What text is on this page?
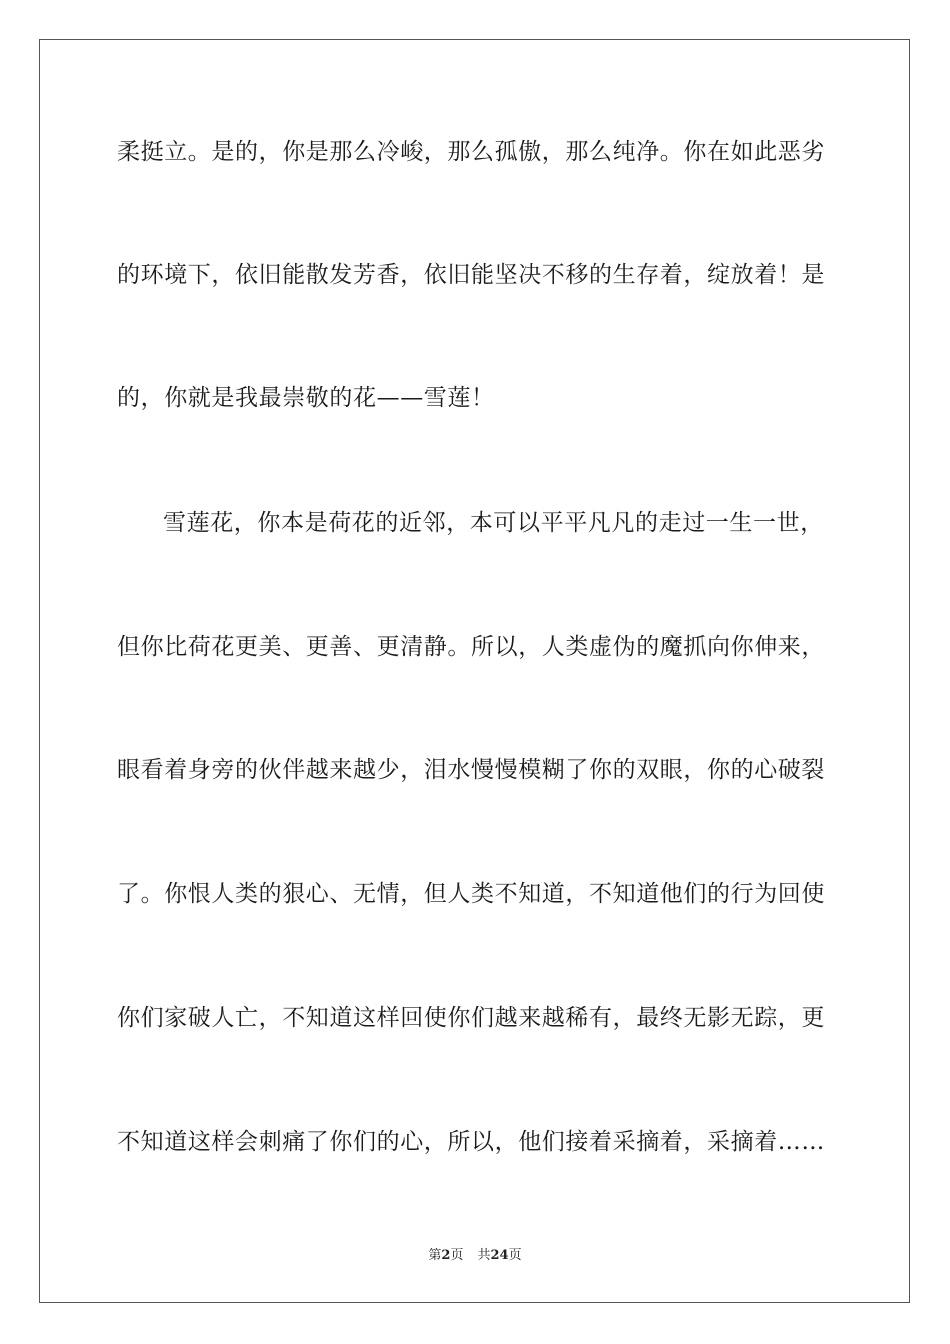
柔挺立。是的，你是那么冷峻，那么孤傲，那么纯净。你在如此恶劣
的环境下，依旧能散发芳香，依旧能坚决不移的生存着，绽放着！是
的，你就是我最崇敬的花——雪莲！
雪莲花，你本是荷花的近邻，本可以平平凡凡的走过一生一世，
但你比荷花更美、更善、更清静。所以，人类虚伪的魔抓向你伸来，
眼看着身旁的伙伴越来越少，泪水慢慢模糊了你的双眼，你的心破裂
了。你恨人类的狠心、无情，但人类不知道，不知道他们的行为回使
你们家破人亡，不知道这样回使你们越来越稀有，最终无影无踪，更
不知道这样会刺痛了你们的心，所以，他们接着采摘着，采摘着……
第2页 共24页
